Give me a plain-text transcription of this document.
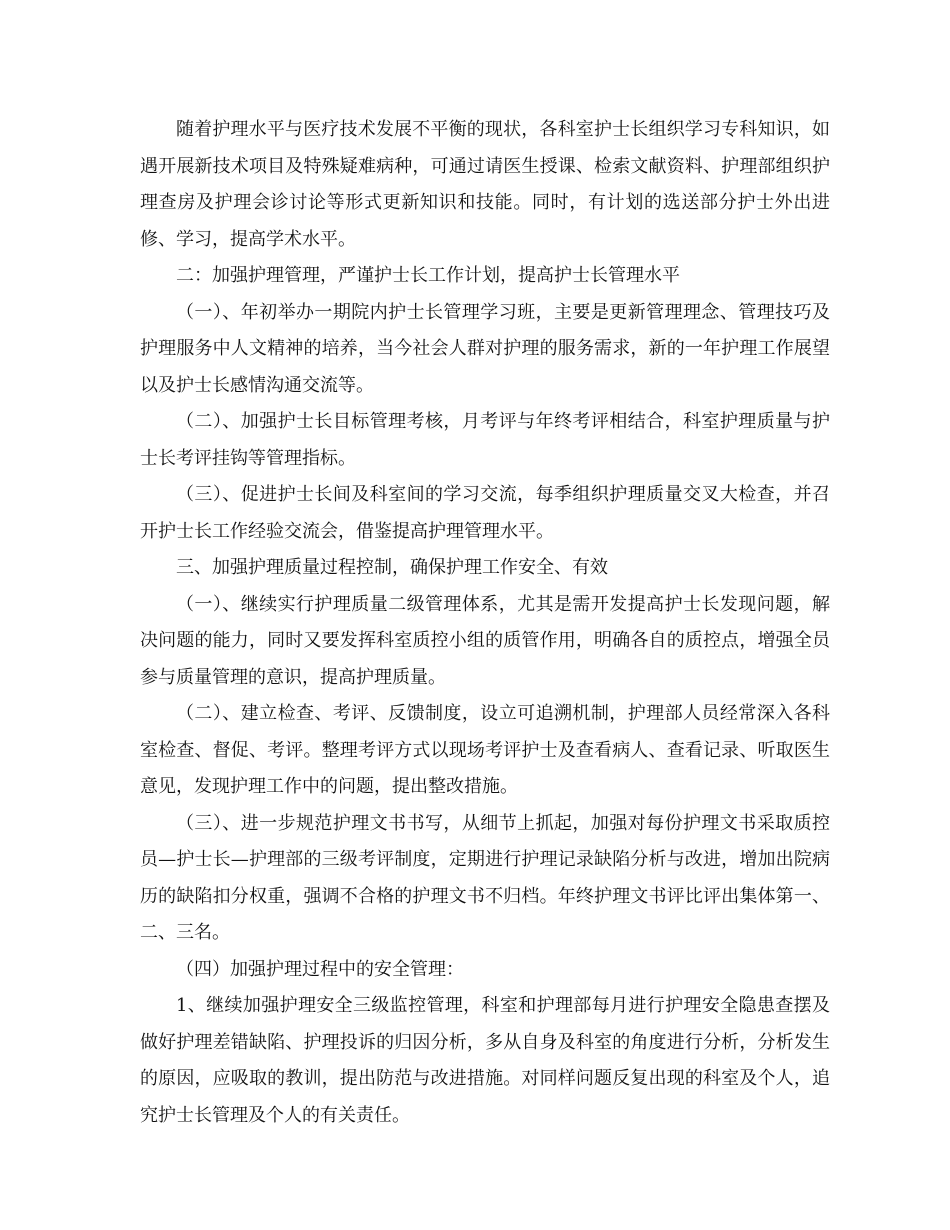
随着护理水平与医疗技术发展不平衡的现状，各科室护士长组织学习专科知识，如遇开展新技术项目及特殊疑难病种，可通过请医生授课、检索文献资料、护理部组织护理查房及护理会诊讨论等形式更新知识和技能。同时，有计划的选送部分护士外出进修、学习，提高学术水平。

二：加强护理管理，严谨护士长工作计划，提高护士长管理水平

（一）、年初举办一期院内护士长管理学习班，主要是更新管理理念、管理技巧及护理服务中人文精神的培养，当今社会人群对护理的服务需求，新的一年护理工作展望以及护士长感情沟通交流等。

（二）、加强护士长目标管理考核，月考评与年终考评相结合，科室护理质量与护士长考评挂钩等管理指标。

（三）、促进护士长间及科室间的学习交流，每季组织护理质量交叉大检查，并召开护士长工作经验交流会，借鉴提高护理管理水平。

三、加强护理质量过程控制，确保护理工作安全、有效

（一）、继续实行护理质量二级管理体系，尤其是需开发提高护士长发现问题，解决问题的能力，同时又要发挥科室质控小组的质管作用，明确各自的质控点，增强全员参与质量管理的意识，提高护理质量。

（二）、建立检查、考评、反馈制度，设立可追溯机制，护理部人员经常深入各科室检查、督促、考评。整理考评方式以现场考评护士及查看病人、查看记录、听取医生意见，发现护理工作中的问题，提出整改措施。

（三）、进一步规范护理文书书写，从细节上抓起，加强对每份护理文书采取质控员—护士长—护理部的三级考评制度，定期进行护理记录缺陷分析与改进，增加出院病历的缺陷扣分权重，强调不合格的护理文书不归档。年终护理文书评比评出集体第一、二、三名。

（四）加强护理过程中的安全管理：

1、继续加强护理安全三级监控管理，科室和护理部每月进行护理安全隐患查摆及做好护理差错缺陷、护理投诉的归因分析，多从自身及科室的角度进行分析，分析发生的原因，应吸取的教训，提出防范与改进措施。对同样问题反复出现的科室及个人，追究护士长管理及个人的有关责任。
